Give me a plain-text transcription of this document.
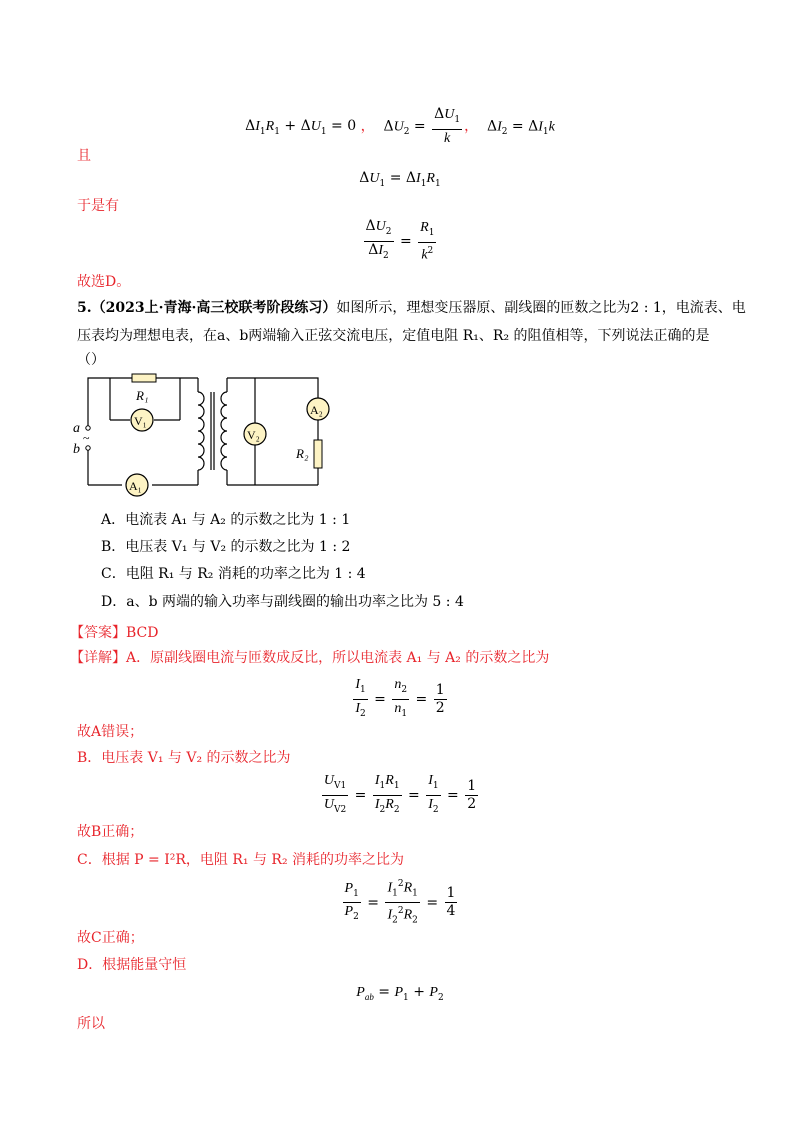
$\Delta I_1R_1 + \Delta U_1 = 0$ ，  $\Delta U_2 = \frac{\Delta U_1}{k}$ ，  $\Delta I_2 = \Delta I_1k$
且
$\Delta U_1 = \Delta I_1R_1$
于是有
$\frac{\Delta U_2}{\Delta I_2} = \frac{R_1}{k^2}$
故选D。
5.（2023上·青海·高三校联考阶段练习）如图所示，理想变压器原、副线圈的匝数之比为2 : 1，电流表、电
压表均为理想电表，在a、b两端输入正弦交流电压，定值电阻 R₁、R₂ 的阻值相等，下列说法正确的是
（）
R₁
V₁
A₁
V₂
A₂
R₂
a
~
b
A．电流表 A₁ 与 A₂ 的示数之比为 1 : 1
B．电压表 V₁ 与 V₂ 的示数之比为 1 : 2
C．电阻 R₁ 与 R₂ 消耗的功率之比为 1 : 4
D．a、b 两端的输入功率与副线圈的输出功率之比为 5 : 4
【答案】BCD
【详解】A．原副线圈电流与匝数成反比，所以电流表 A₁ 与 A₂ 的示数之比为
$\frac{I_1}{I_2} = \frac{n_2}{n_1} = \frac{1}{2}$
故A错误；
B．电压表 V₁ 与 V₂ 的示数之比为
$\frac{U_{V1}}{U_{V2}} = \frac{I_1R_1}{I_2R_2} = \frac{I_1}{I_2} = \frac{1}{2}$
故B正确；
C．根据 P = I²R，电阻 R₁ 与 R₂ 消耗的功率之比为
$\frac{P_1}{P_2} = \frac{I_1^2R_1}{I_2^2R_2} = \frac{1}{4}$
故C正确；
D．根据能量守恒
$P_{ab} = P_1 + P_2$
所以
